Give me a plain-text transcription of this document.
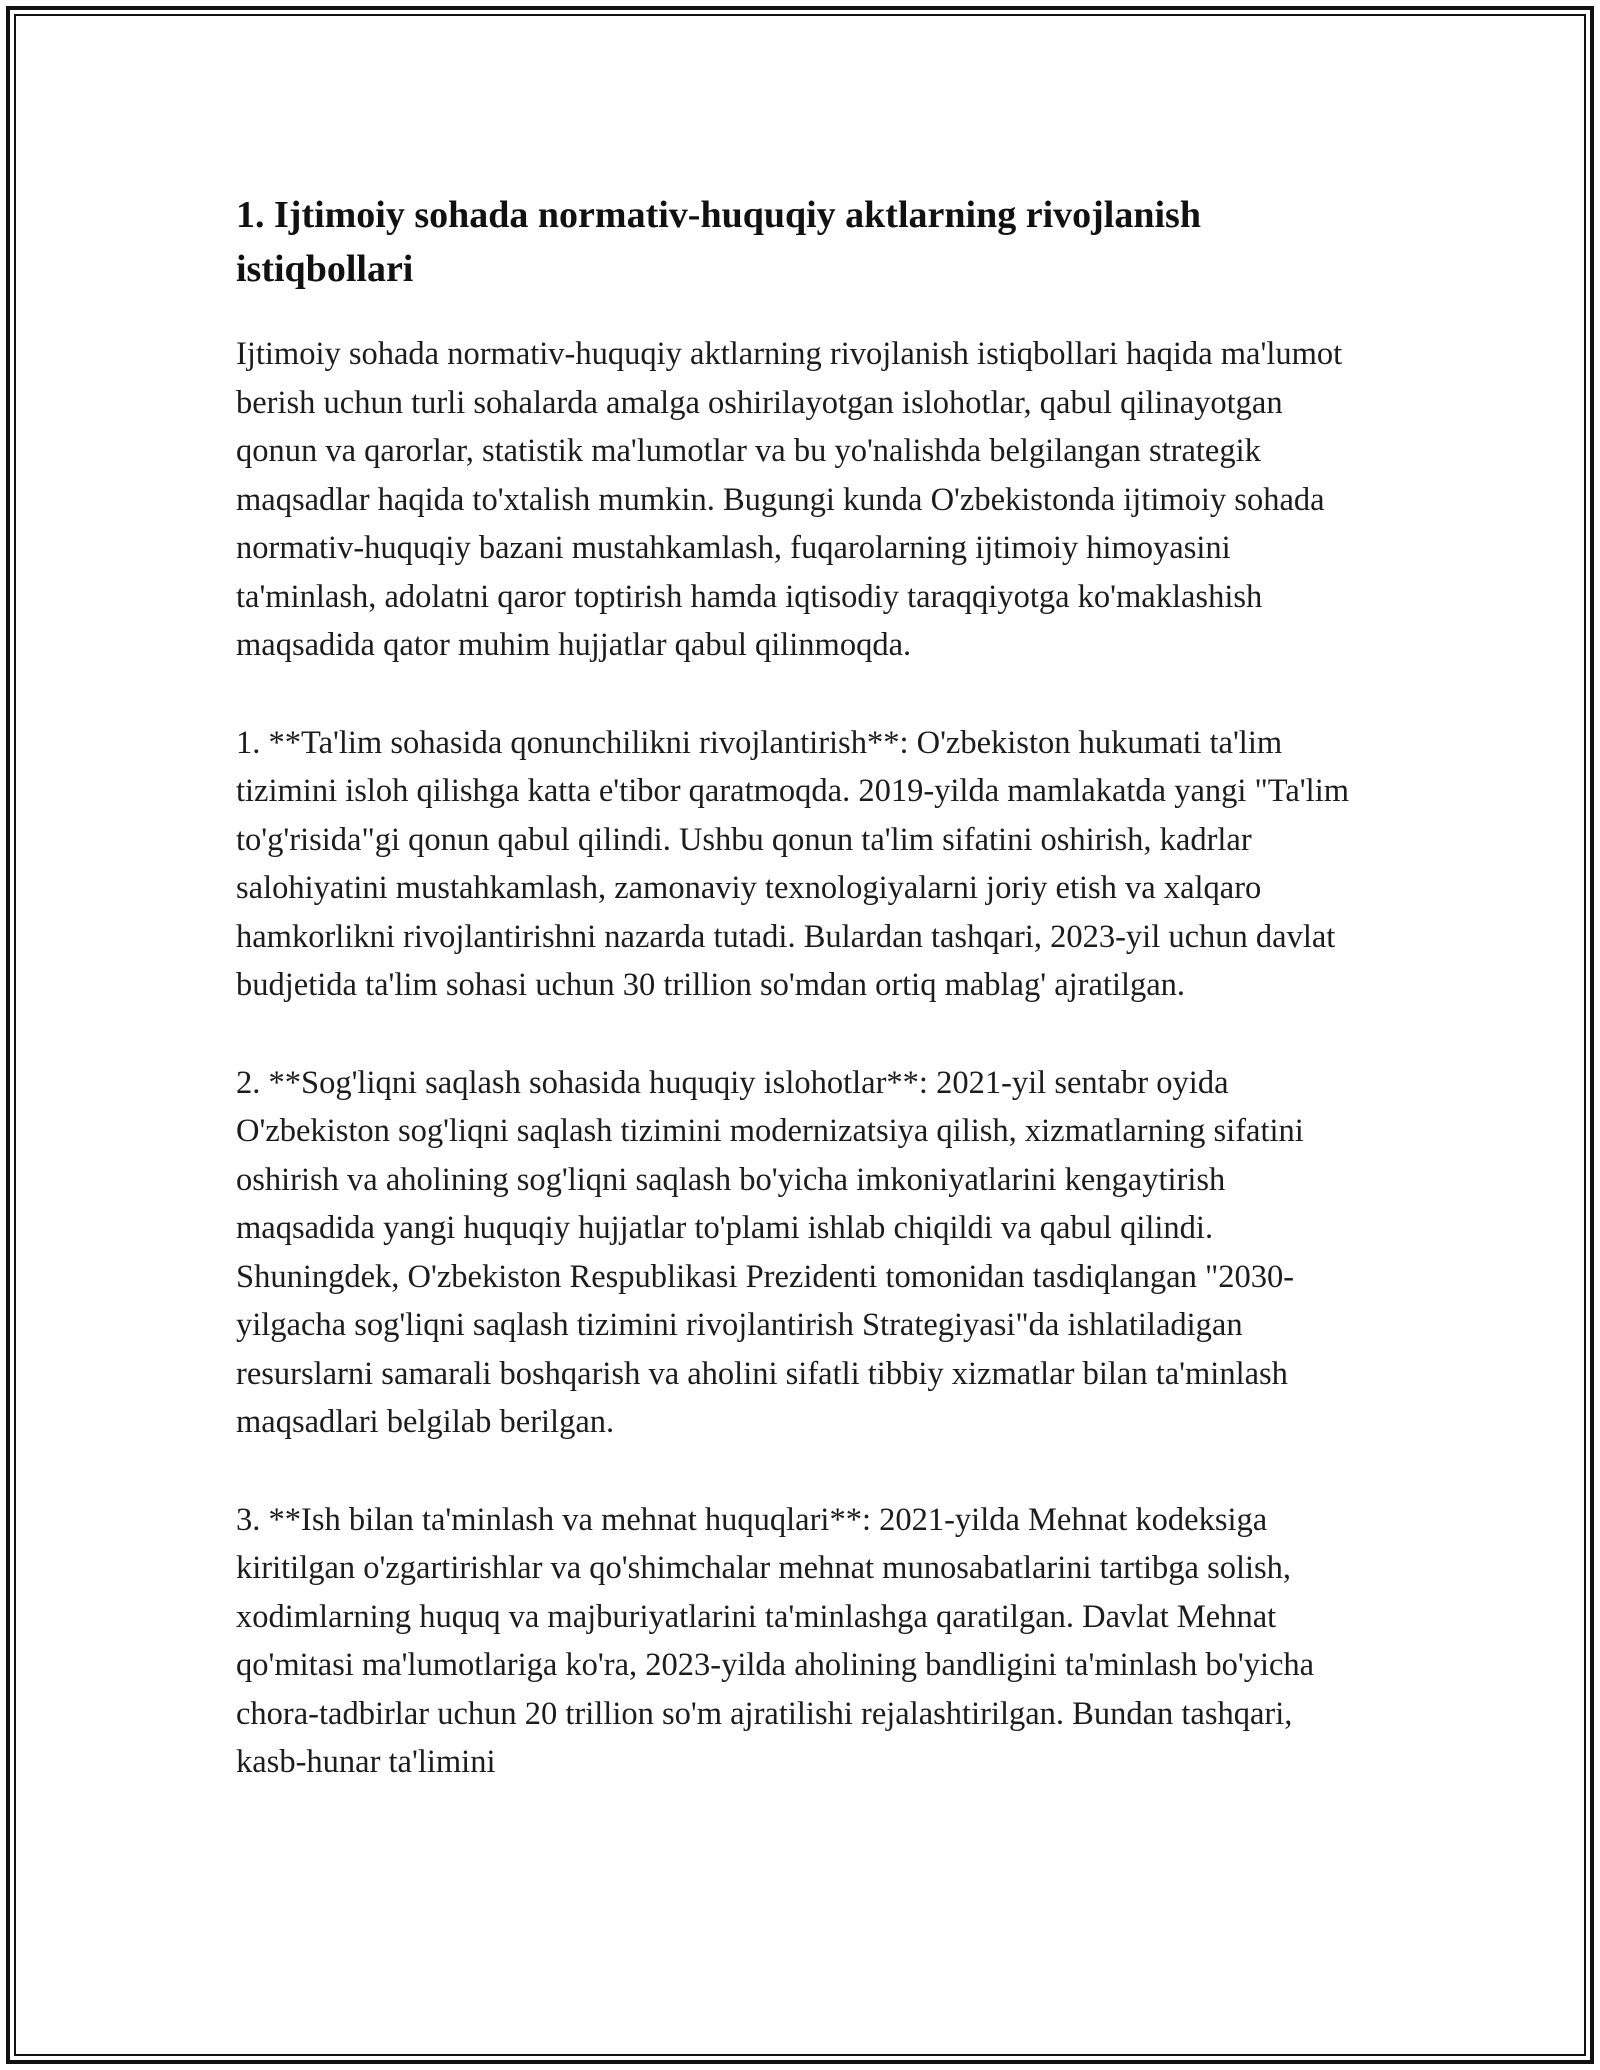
1. Ijtimoiy sohada normativ-huquqiy aktlarning rivojlanish istiqbollari

Ijtimoiy sohada normativ-huquqiy aktlarning rivojlanish istiqbollari haqida ma'lumot berish uchun turli sohalarda amalga oshirilayotgan islohotlar, qabul qilinayotgan qonun va qarorlar, statistik ma'lumotlar va bu yo'nalishda belgilangan strategik maqsadlar haqida to'xtalish mumkin. Bugungi kunda O'zbekistonda ijtimoiy sohada normativ-huquqiy bazani mustahkamlash, fuqarolarning ijtimoiy himoyasini ta'minlash, adolatni qaror toptirish hamda iqtisodiy taraqqiyotga ko'maklashish maqsadida qator muhim hujjatlar qabul qilinmoqda.

1. **Ta'lim sohasida qonunchilikni rivojlantirish**: O'zbekiston hukumati ta'lim tizimini isloh qilishga katta e'tibor qaratmoqda. 2019-yilda mamlakatda yangi "Ta'lim to'g'risida"gi qonun qabul qilindi. Ushbu qonun ta'lim sifatini oshirish, kadrlar salohiyatini mustahkamlash, zamonaviy texnologiyalarni joriy etish va xalqaro hamkorlikni rivojlantirishni nazarda tutadi. Bulardan tashqari, 2023-yil uchun davlat budjetida ta'lim sohasi uchun 30 trillion so'mdan ortiq mablag' ajratilgan.

2. **Sog'liqni saqlash sohasida huquqiy islohotlar**: 2021-yil sentabr oyida O'zbekiston sog'liqni saqlash tizimini modernizatsiya qilish, xizmatlarning sifatini oshirish va aholining sog'liqni saqlash bo'yicha imkoniyatlarini kengaytirish maqsadida yangi huquqiy hujjatlar to'plami ishlab chiqildi va qabul qilindi. Shuningdek, O'zbekiston Respublikasi Prezidenti tomonidan tasdiqlangan "2030-yilgacha sog'liqni saqlash tizimini rivojlantirish Strategiyasi"da ishlatiladigan resurslarni samarali boshqarish va aholini sifatli tibbiy xizmatlar bilan ta'minlash maqsadlari belgilab berilgan.

3. **Ish bilan ta'minlash va mehnat huquqlari**: 2021-yilda Mehnat kodeksiga kiritilgan o'zgartirishlar va qo'shimchalar mehnat munosabatlarini tartibga solish, xodimlarning huquq va majburiyatlarini ta'minlashga qaratilgan. Davlat Mehnat qo'mitasi ma'lumotlariga ko'ra, 2023-yilda aholining bandligini ta'minlash bo'yicha chora-tadbirlar uchun 20 trillion so'm ajratilishi rejalashtirilgan. Bundan tashqari, kasb-hunar ta'limini
